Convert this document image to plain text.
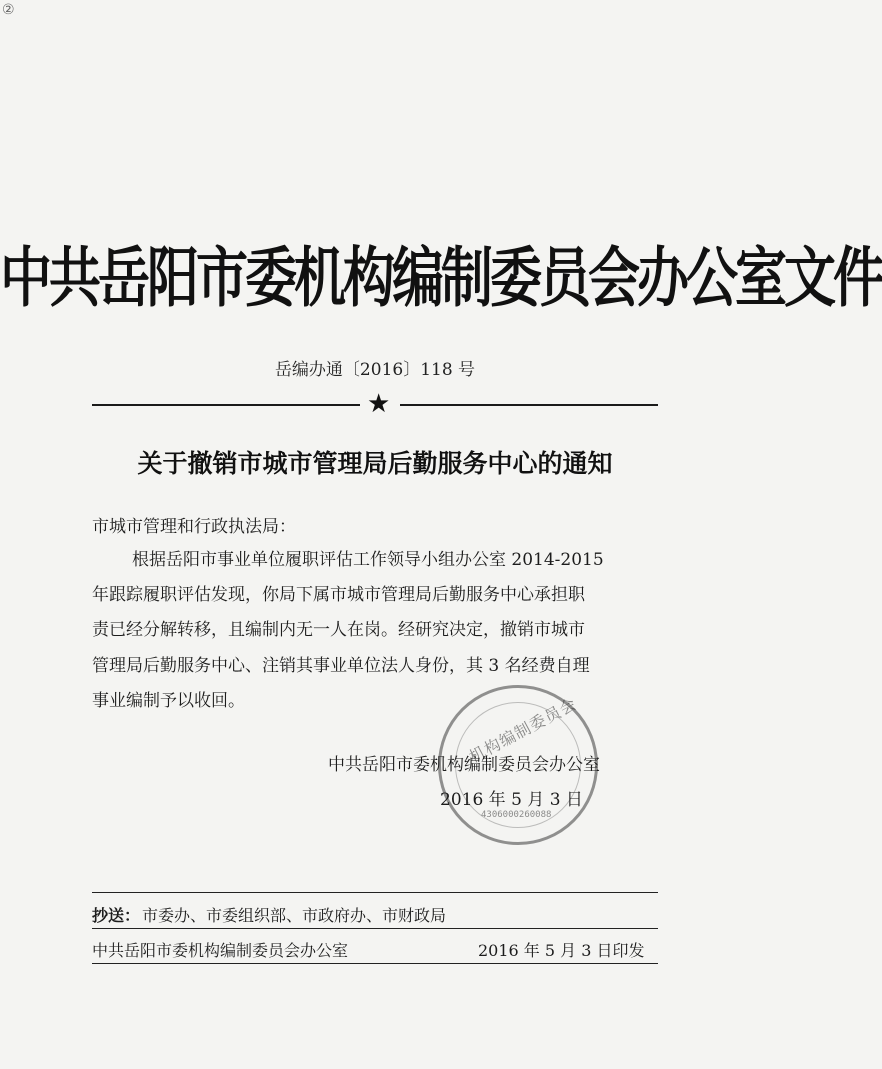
②
中共岳阳市委机构编制委员会办公室文件
岳编办通〔2016〕118 号
★
关于撤销市城市管理局后勤服务中心的通知
市城市管理和行政执法局：
根据岳阳市事业单位履职评估工作领导小组办公室 2014-2015
年跟踪履职评估发现，你局下属市城市管理局后勤服务中心承担职
责已经分解转移，且编制内无一人在岗。经研究决定，撤销市城市
管理局后勤服务中心、注销其事业单位法人身份，其 3 名经费自理
事业编制予以收回。	机构编制委员会
4306000260088
中共岳阳市委机构编制委员会办公室
2016 年 5 月 3 日
抄送： 市委办、市委组织部、市政府办、市财政局
中共岳阳市委机构编制委员会办公室	2016 年 5 月 3 日印发
